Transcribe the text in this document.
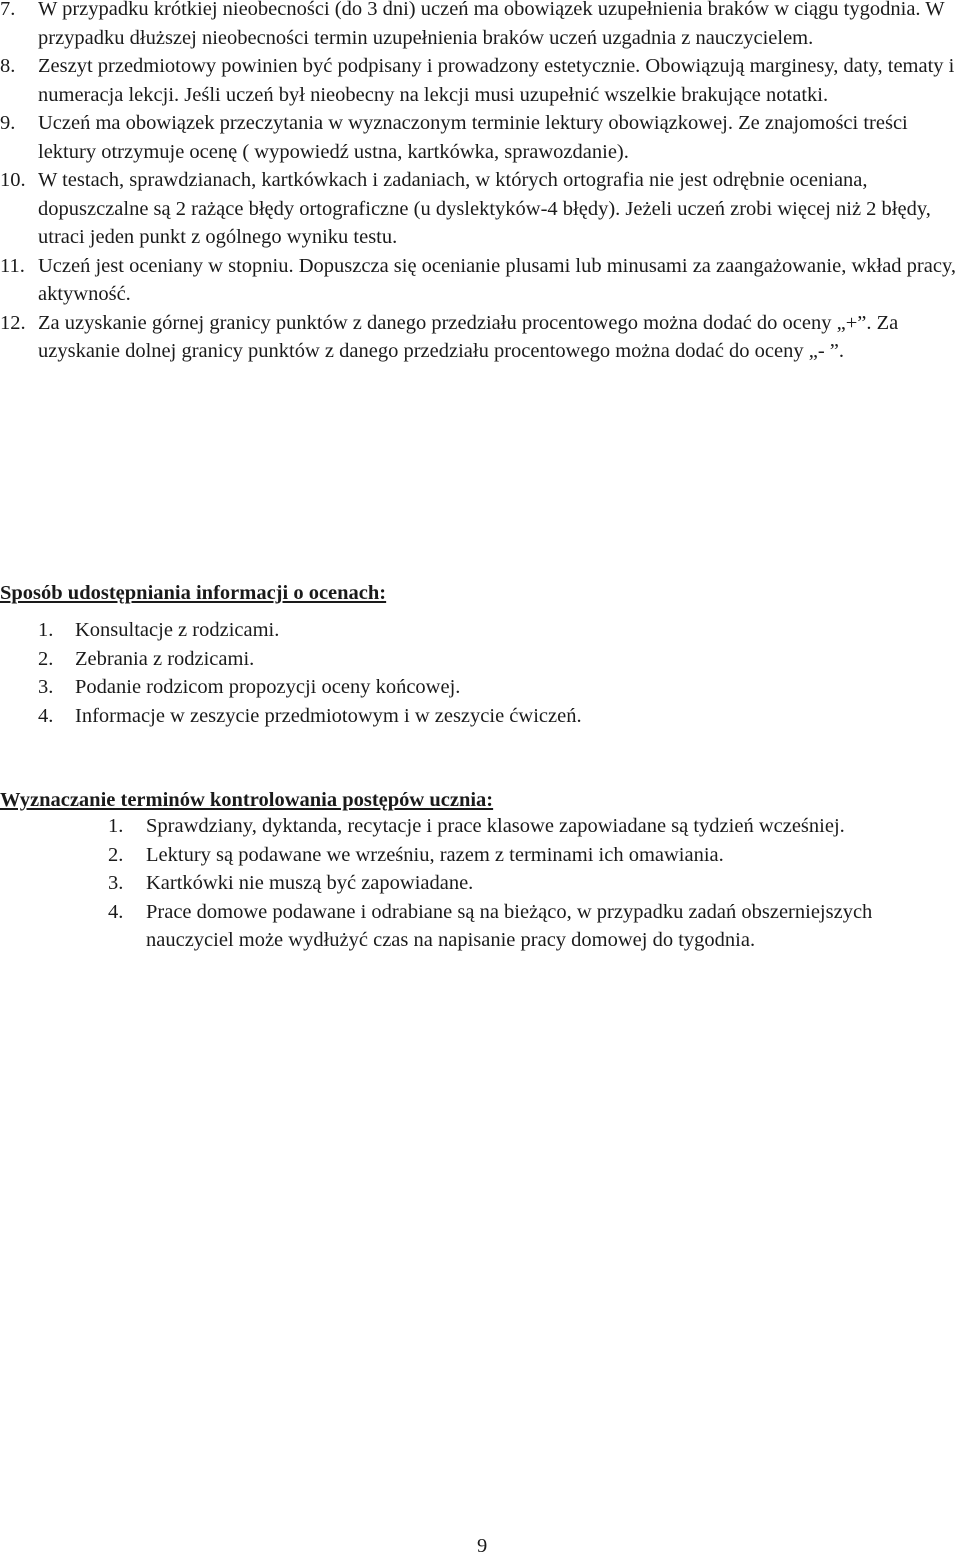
7. W przypadku krótkiej nieobecności (do 3 dni) uczeń ma obowiązek uzupełnienia braków w ciągu tygodnia. W przypadku dłuższej nieobecności termin uzupełnienia braków uczeń uzgadnia z nauczycielem.
8. Zeszyt przedmiotowy powinien być podpisany i prowadzony estetycznie. Obowiązują marginesy, daty, tematy i numeracja lekcji. Jeśli uczeń był nieobecny na lekcji musi uzupełnić wszelkie brakujące notatki.
9. Uczeń ma obowiązek przeczytania w wyznaczonym terminie lektury obowiązkowej. Ze znajomości treści lektury otrzymuje ocenę ( wypowiedź ustna, kartkówka, sprawozdanie).
10. W testach, sprawdzianach, kartkówkach i zadaniach, w których ortografia nie jest odrębnie oceniana, dopuszczalne są 2 rażące błędy ortograficzne (u dyslektyków-4 błędy). Jeżeli uczeń zrobi więcej niż 2 błędy, utraci jeden punkt z ogólnego wyniku testu.
11. Uczeń jest oceniany w stopniu. Dopuszcza się ocenianie plusami lub minusami za zaangażowanie, wkład pracy, aktywność.
12. Za uzyskanie górnej granicy punktów z danego przedziału procentowego można dodać do oceny „+”. Za uzyskanie dolnej granicy punktów z danego przedziału procentowego można dodać do oceny „- ”.
Sposób udostępniania informacji o ocenach:
1. Konsultacje z rodzicami.
2. Zebrania z rodzicami.
3. Podanie rodzicom propozycji oceny końcowej.
4. Informacje w zeszycie przedmiotowym i w zeszycie ćwiczeń.
Wyznaczanie terminów kontrolowania postępów ucznia:
1. Sprawdziany, dyktanda, recytacje i prace klasowe zapowiadane są tydzień wcześniej.
2. Lektury są podawane we wrześniu, razem z terminami ich omawiania.
3. Kartkówki nie muszą być zapowiadane.
4. Prace domowe podawane i odrabiane są na bieżąco, w przypadku zadań obszerniejszych nauczyciel może wydłużyć czas na napisanie pracy domowej do tygodnia.
9
